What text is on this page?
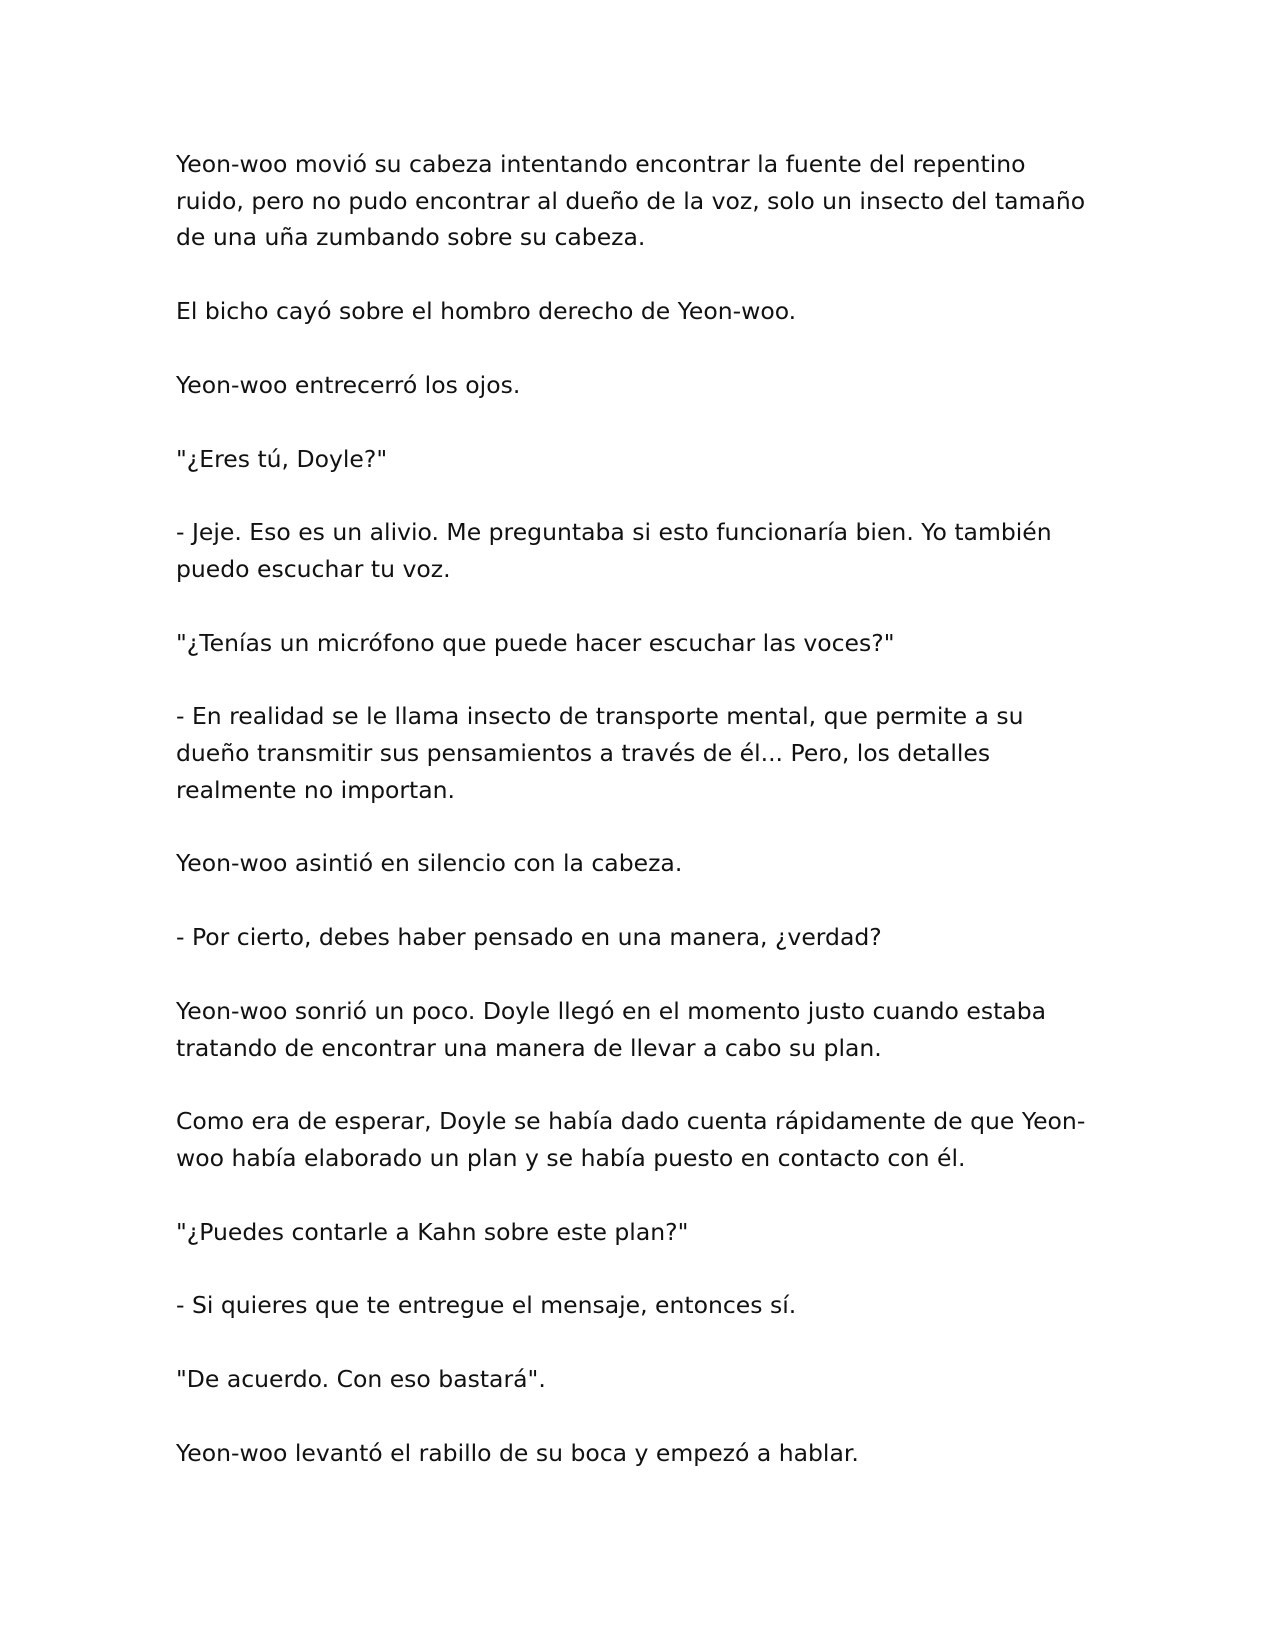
Yeon-woo movió su cabeza intentando encontrar la fuente del repentino ruido, pero no pudo encontrar al dueño de la voz, solo un insecto del tamaño de una uña zumbando sobre su cabeza.

El bicho cayó sobre el hombro derecho de Yeon-woo.

Yeon-woo entrecerró los ojos.

"¿Eres tú, Doyle?"

- Jeje. Eso es un alivio. Me preguntaba si esto funcionaría bien. Yo también puedo escuchar tu voz.

"¿Tenías un micrófono que puede hacer escuchar las voces?"

- En realidad se le llama insecto de transporte mental, que permite a su dueño transmitir sus pensamientos a través de él... Pero, los detalles realmente no importan.

Yeon-woo asintió en silencio con la cabeza.

- Por cierto, debes haber pensado en una manera, ¿verdad?

Yeon-woo sonrió un poco. Doyle llegó en el momento justo cuando estaba tratando de encontrar una manera de llevar a cabo su plan.

Como era de esperar, Doyle se había dado cuenta rápidamente de que Yeon-woo había elaborado un plan y se había puesto en contacto con él.

"¿Puedes contarle a Kahn sobre este plan?"

- Si quieres que te entregue el mensaje, entonces sí.

"De acuerdo. Con eso bastará".

Yeon-woo levantó el rabillo de su boca y empezó a hablar.
